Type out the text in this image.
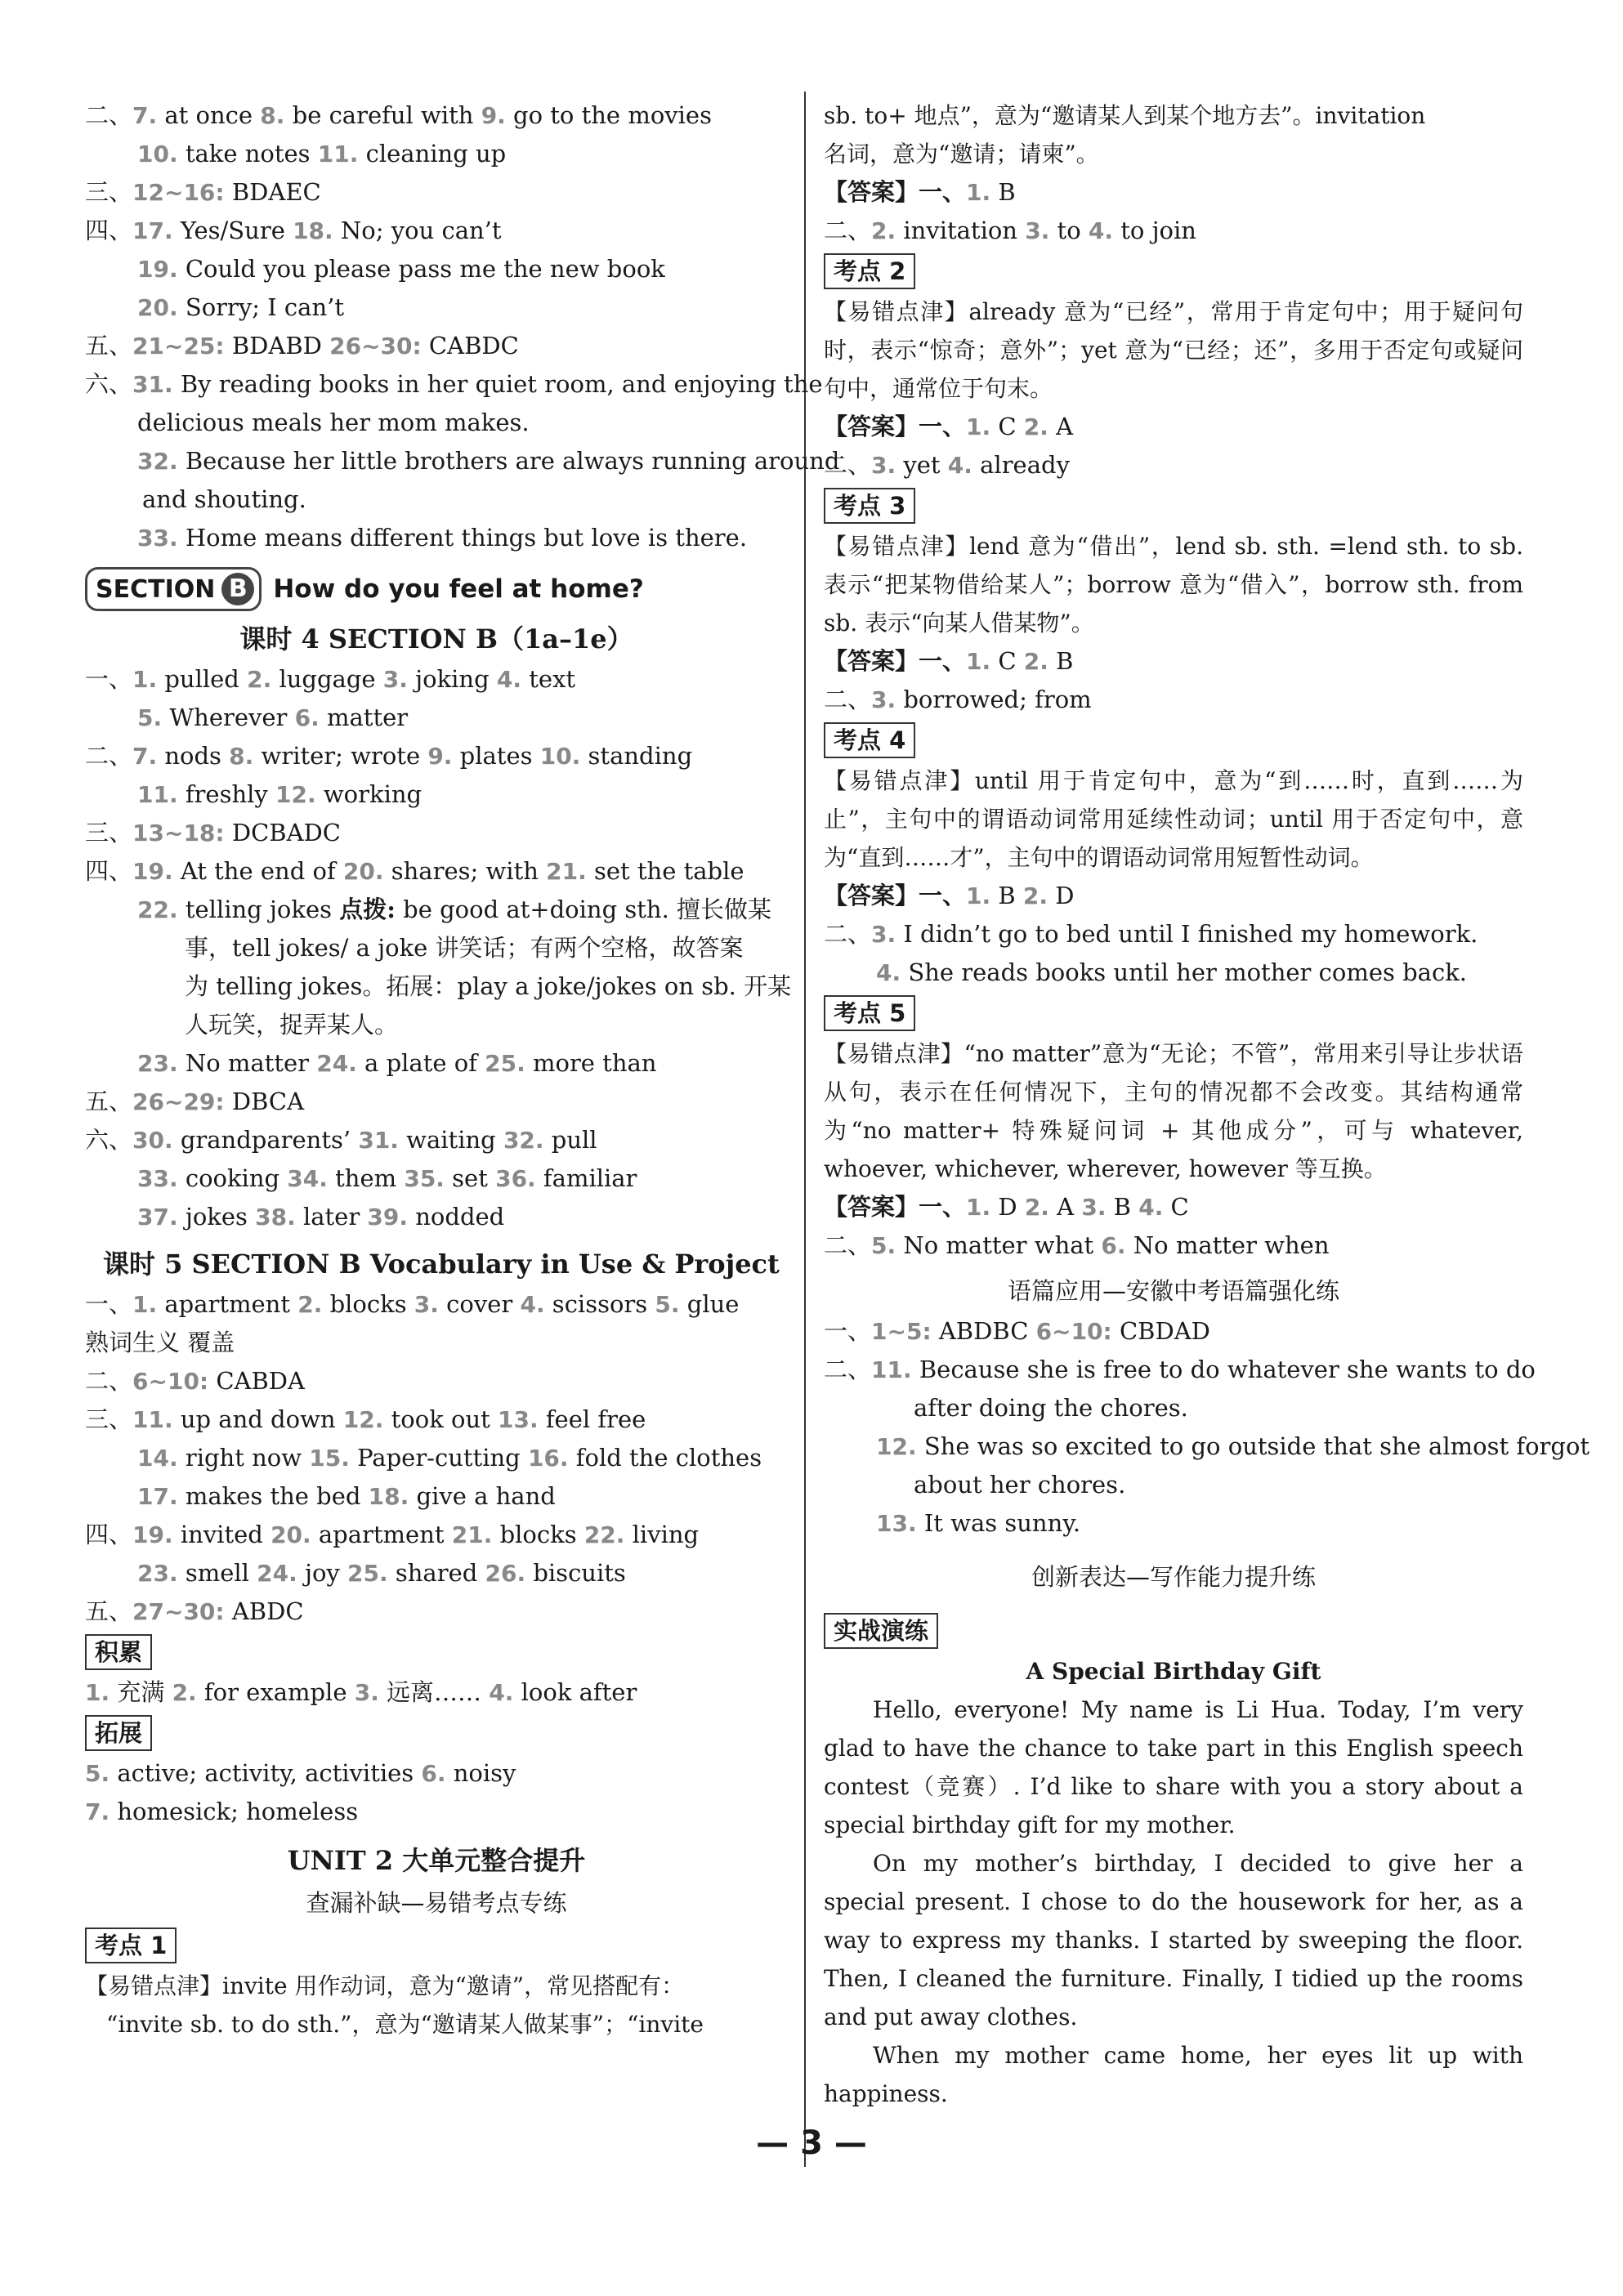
二、7. at once 8. be careful with 9. go to the movies
10. take notes 11. cleaning up
三、12~16: BDAEC
四、17. Yes/Sure 18. No; you can’t
19. Could you please pass me the new book
20. Sorry; I can’t
五、21~25: BDABD 26~30: CABDC
六、31. By reading books in her quiet room, and enjoying the
delicious meals her mom makes.
32. Because her little brothers are always running around
and shouting.
33. Home means different things but love is there.
SECTION B How do you feel at home?
课时 4 SECTION B（1a–1e）
一、1. pulled 2. luggage 3. joking 4. text
5. Wherever 6. matter
二、7. nods 8. writer; wrote 9. plates 10. standing
11. freshly 12. working
三、13~18: DCBADC
四、19. At the end of 20. shares; with 21. set the table
22. telling jokes 点拨: be good at+doing sth. 擅长做某
事，tell jokes/ a joke 讲笑话；有两个空格，故答案
为 telling jokes。拓展：play a joke/jokes on sb. 开某
人玩笑，捉弄某人。
23. No matter 24. a plate of 25. more than
五、26~29: DBCA
六、30. grandparents’ 31. waiting 32. pull
33. cooking 34. them 35. set 36. familiar
37. jokes 38. later 39. nodded
课时 5 SECTION B Vocabulary in Use & Project
一、1. apartment 2. blocks 3. cover 4. scissors 5. glue
熟词生义 覆盖
二、6~10: CABDA
三、11. up and down 12. took out 13. feel free
14. right now 15. Paper-cutting 16. fold the clothes
17. makes the bed 18. give a hand
四、19. invited 20. apartment 21. blocks 22. living
23. smell 24. joy 25. shared 26. biscuits
五、27~30: ABDC
积累
1. 充满 2. for example 3. 远离…… 4. look after
拓展
5. active; activity, activities 6. noisy
7. homesick; homeless
UNIT 2 大单元整合提升
查漏补缺—易错考点专练
考点 1
【易错点津】invite 用作动词，意为“邀请”，常见搭配有：
“invite sb. to do sth.”，意为“邀请某人做某事”；“invite
sb. to+ 地点”，意为“邀请某人到某个地方去”。invitation
名词，意为“邀请；请柬”。
【答案】一、1. B
二、2. invitation 3. to 4. to join
考点 2
【易错点津】already 意为“已经”，常用于肯定句中；用于疑问句时，表示“惊奇；意外”；yet 意为“已经；还”，多用于否定句或疑问句中，通常位于句末。
【答案】一、1. C 2. A
二、3. yet 4. already
考点 3
【易错点津】lend 意为“借出”，lend sb. sth. =lend sth. to sb. 表示“把某物借给某人”；borrow 意为“借入”，borrow sth. from sb. 表示“向某人借某物”。
【答案】一、1. C 2. B
二、3. borrowed; from
考点 4
【易错点津】until 用于肯定句中，意为“到……时，直到……为止”，主句中的谓语动词常用延续性动词；until 用于否定句中，意为“直到……才”，主句中的谓语动词常用短暂性动词。
【答案】一、1. B 2. D
二、3. I didn’t go to bed until I finished my homework.
4. She reads books until her mother comes back.
考点 5
【易错点津】“no matter”意为“无论；不管”，常用来引导让步状语从句，表示在任何情况下，主句的情况都不会改变。其结构通常为“no matter+ 特殊疑问词 + 其他成分”，可与 whatever, whoever, whichever, wherever, however 等互换。
【答案】一、1. D 2. A 3. B 4. C
二、5. No matter what 6. No matter when
语篇应用—安徽中考语篇强化练
一、1~5: ABDBC 6~10: CBDAD
二、11. Because she is free to do whatever she wants to do
after doing the chores.
12. She was so excited to go outside that she almost forgot
about her chores.
13. It was sunny.
创新表达—写作能力提升练
实战演练
A Special Birthday Gift

Hello, everyone! My name is Li Hua. Today, I’m very glad to have the chance to take part in this English speech contest（竞赛）. I’d like to share with you a story about a special birthday gift for my mother.

On my mother’s birthday, I decided to give her a special present. I chose to do the housework for her, as a way to express my thanks. I started by sweeping the floor. Then, I cleaned the furniture. Finally, I tidied up the rooms and put away clothes.

When my mother came home, her eyes lit up with happiness.

— 3 —
